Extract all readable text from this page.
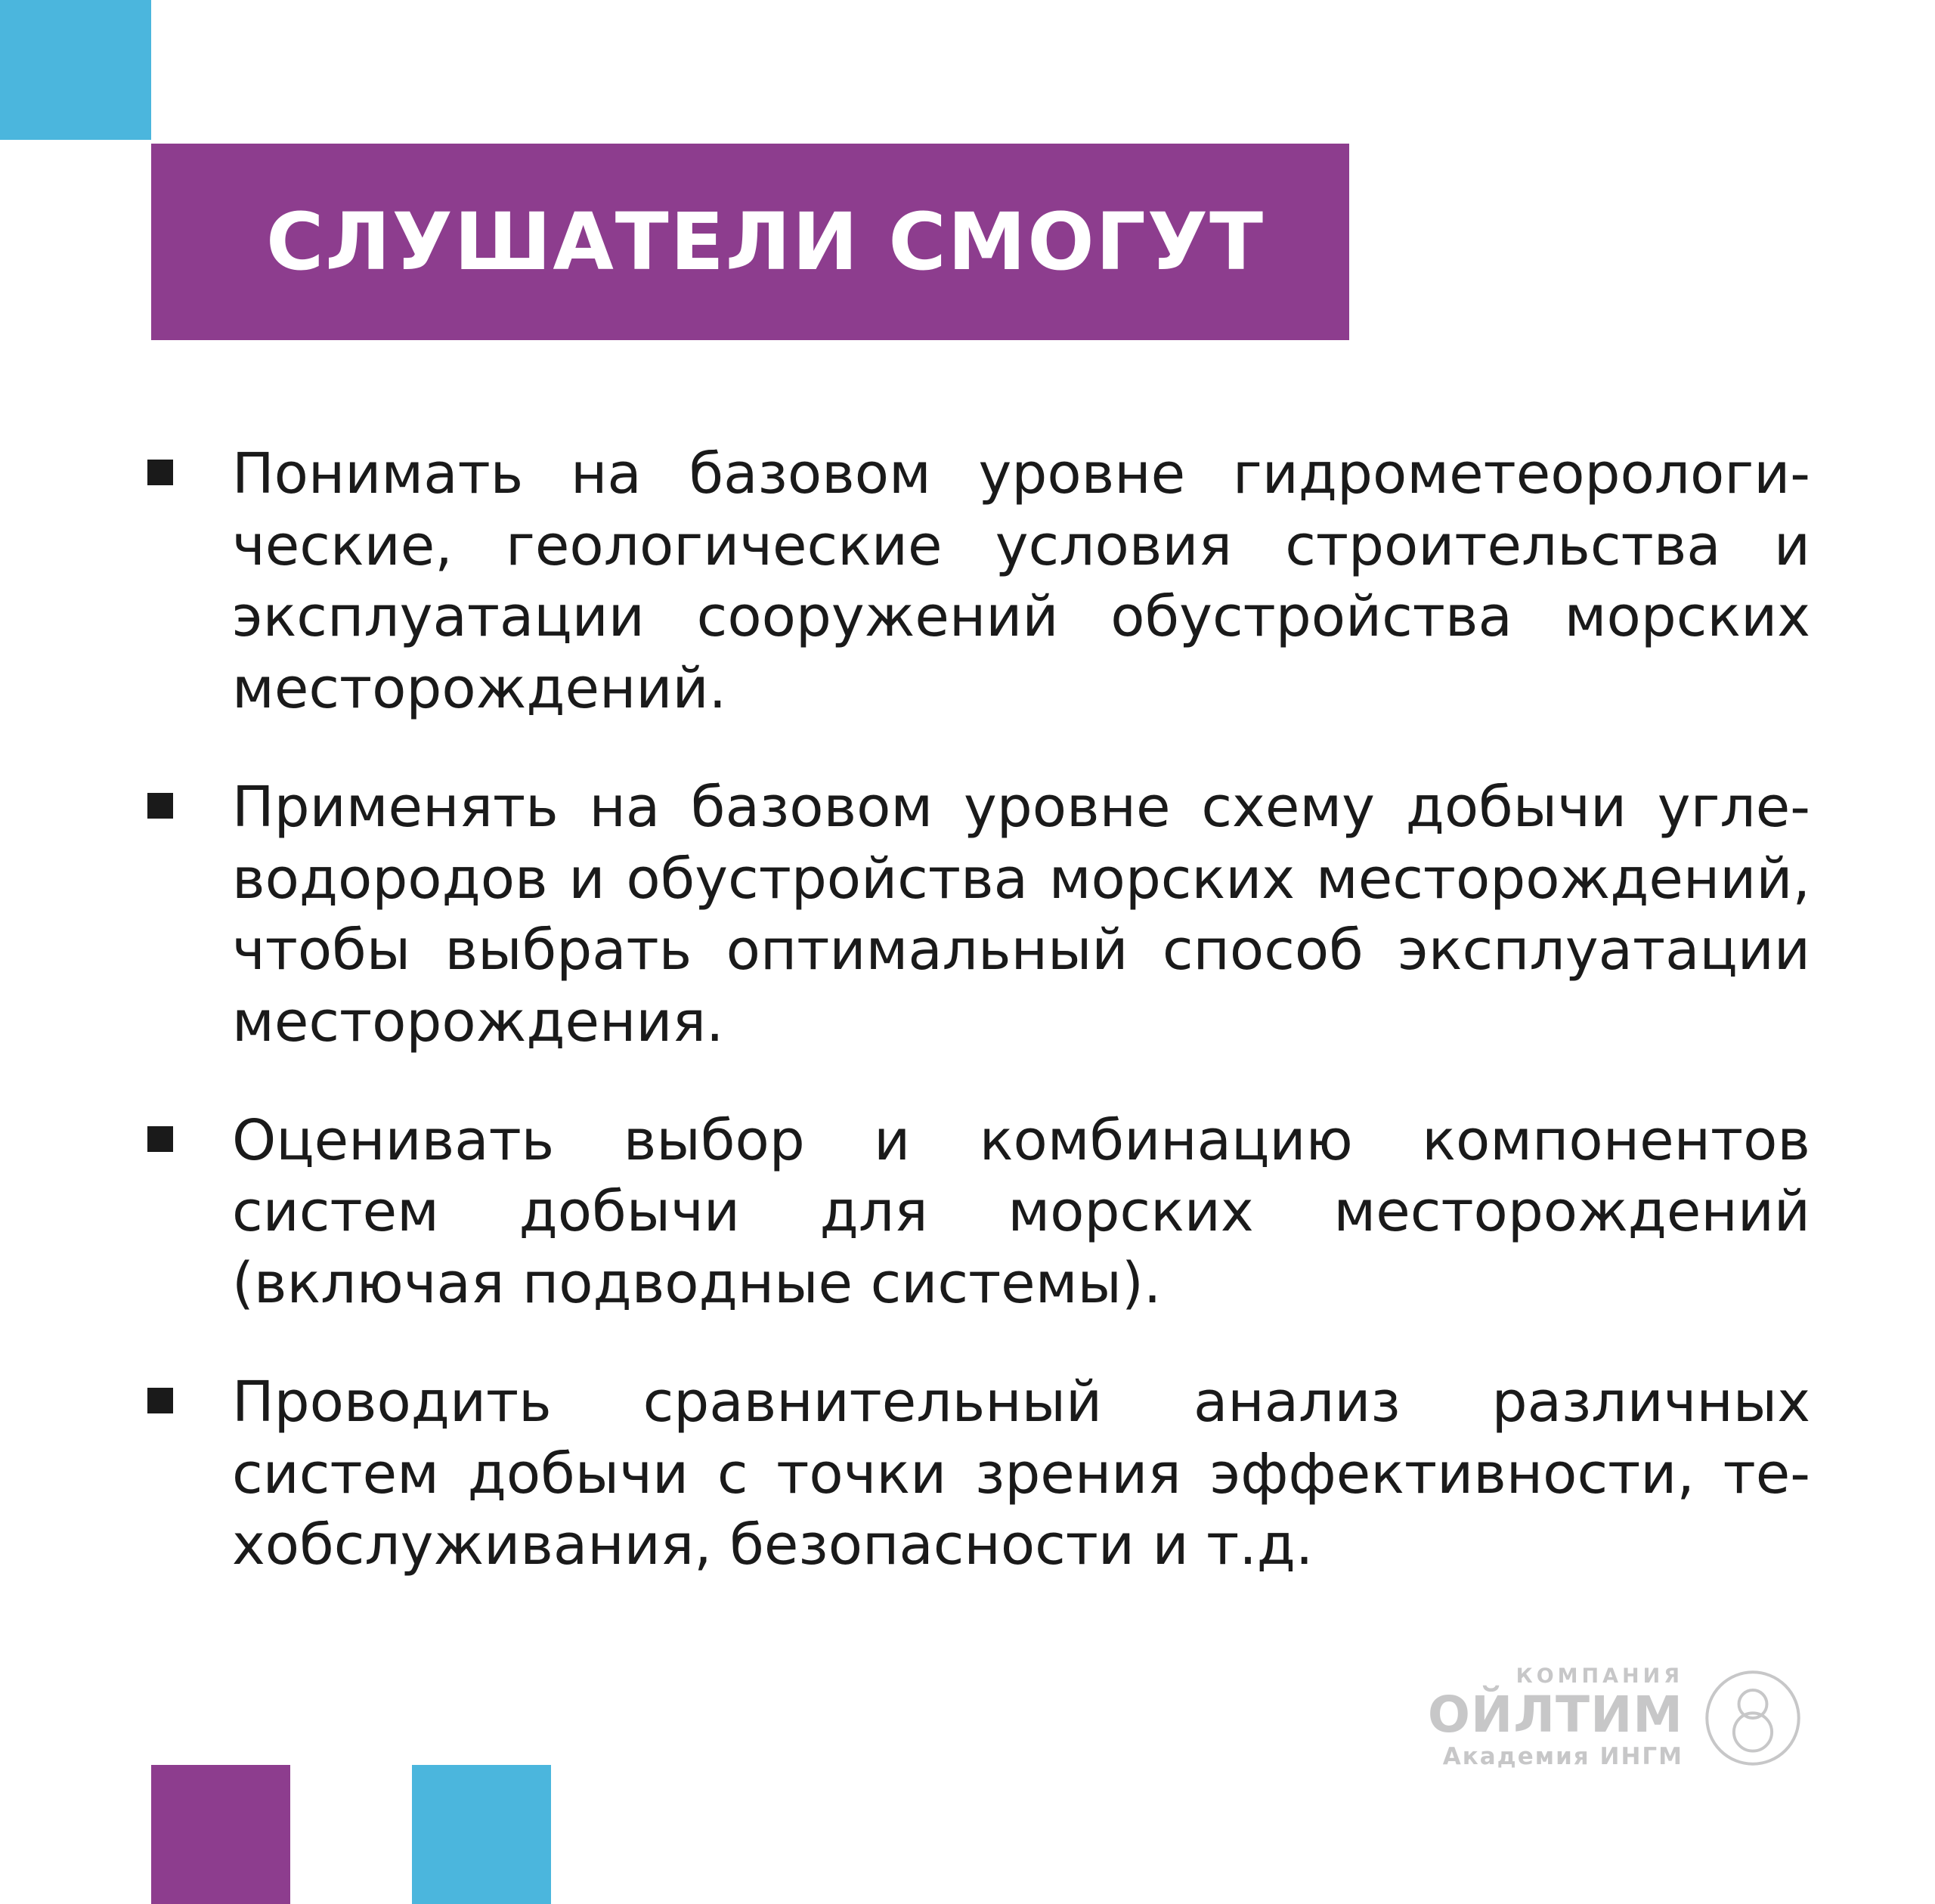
СЛУШАТЕЛИ СМОГУТ
Понимать на базовом уровне гидрометеорологические, геологические условия строительства и эксплуатации сооружений обустройства морских месторождений.
Применять на базовом уровне схему добычи углеводородов и обустройства морских месторождений, чтобы выбрать оптимальный способ эксплуатации месторождения.
Оценивать выбор и комбинацию компонентов систем добычи для морских месторождений (включая подводные системы).
Проводить сравнительный анализ различных систем добычи с точки зрения эффективности, техобслуживания, безопасности и т.д.
КОМПАНИЯ
ОЙЛТИМ
Академия ИНГМ
